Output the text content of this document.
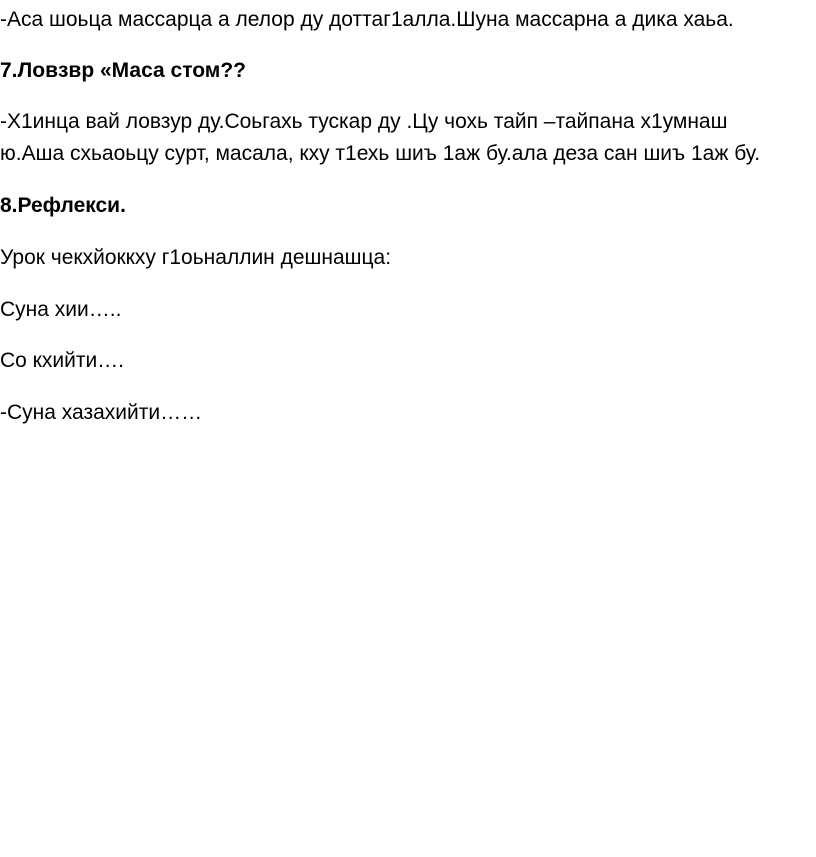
-Аса шоьца массарца а лелор ду доттаг1алла.Шуна массарна а дика хаьа.
7.Ловзвр «Маса стом??
-Х1инца вай ловзур ду.Соьгахь тускар ду .Цу чохь тайп –тайпана х1умнаш
ю.Аша схьаоьцу сурт, масала, кху т1ехь шиъ 1аж бу.ала деза сан шиъ 1аж бу.
8.Рефлекси.
Урок чекхйоккху г1оьналлин дешнашца:
Суна хии…..
Со кхийти….
-Суна хазахийти……
